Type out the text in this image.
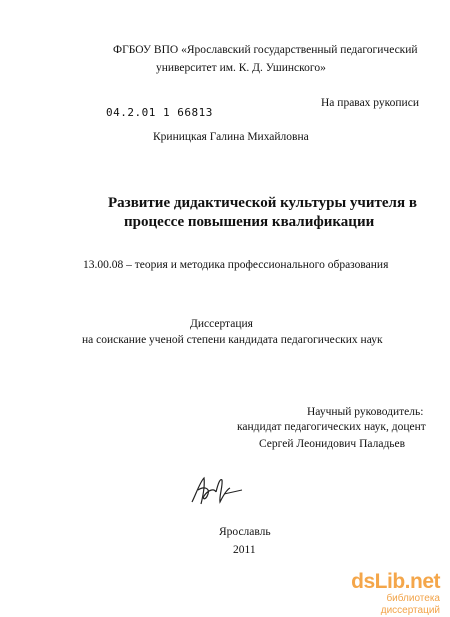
ФГБОУ ВПО «Ярославский государственный педагогический
университет им. К. Д. Ушинского»
04.2.01 1 66813
На правах рукописи
Криницкая Галина Михайловна
Развитие дидактической культуры учителя в
процессе повышения квалификации
13.00.08 – теория и методика профессионального образования
Диссертация
на соискание ученой степени кандидата педагогических наук
Научный руководитель:
кандидат педагогических наук, доцент
Сергей Леонидович Паладьев
Ярославль
2011
dsLib.net
библиотека диссертаций
